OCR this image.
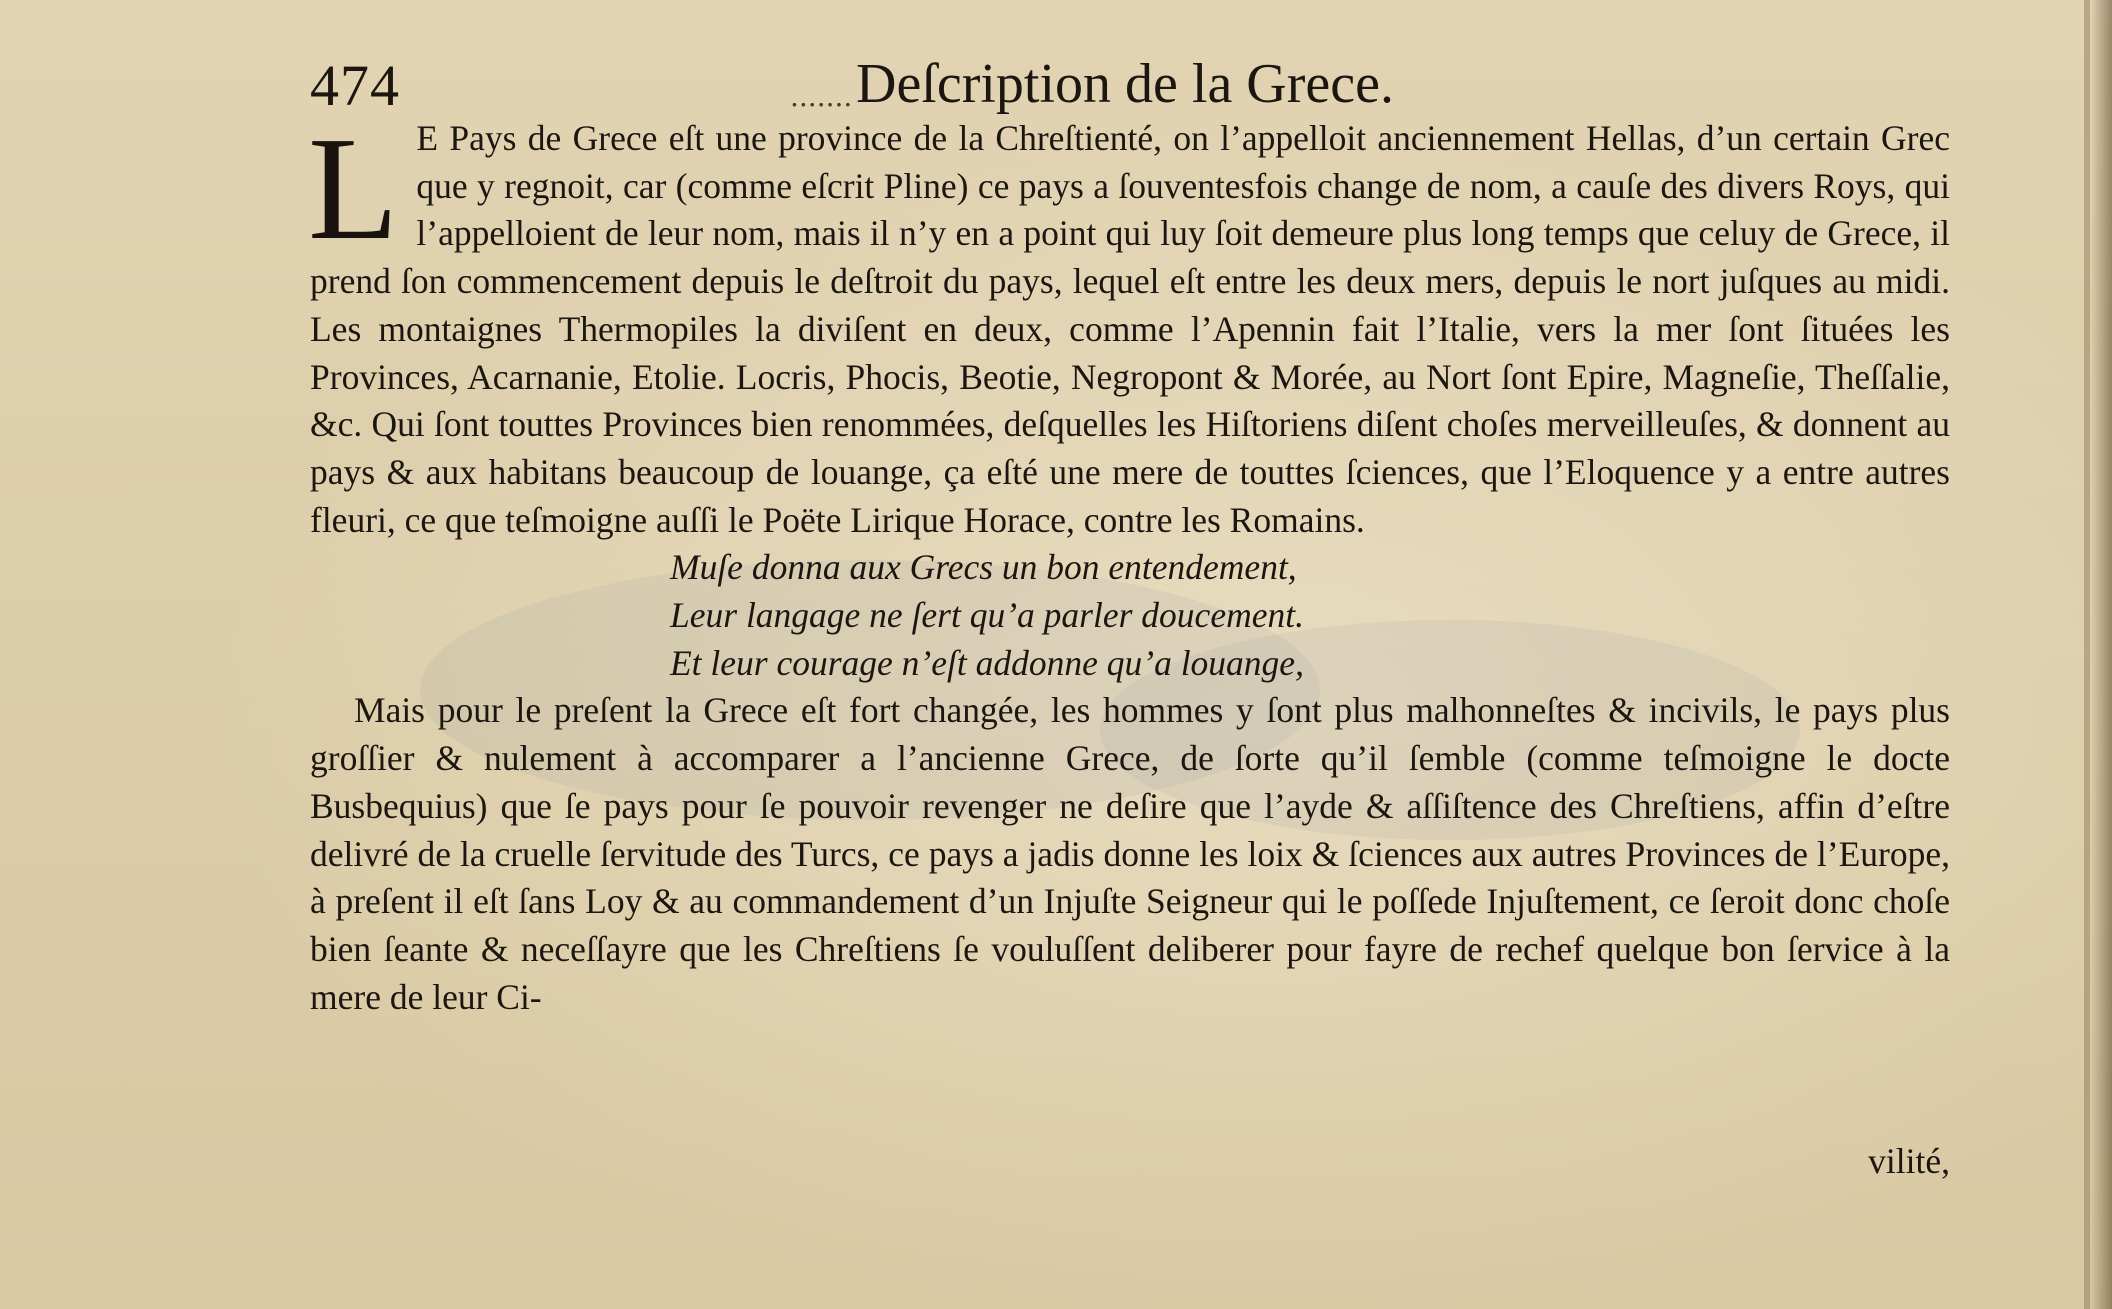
474	....... ·
Deſcription de la Grece.
L E Pays de Grece eſt une province de la Chreſtienté, on l’appelloit anciennement Hellas, d’un certain Grec que y regnoit, car (comme eſcrit Pline) ce pays a ſouventesfois change de nom, a cauſe des divers Roys, qui l’appelloient de leur nom, mais il n’y en a point qui luy ſoit demeure plus long temps que celuy de Grece, il prend ſon commencement depuis le deſtroit du pays, lequel eſt entre les deux mers, depuis le nort juſques au midi. Les montaignes Thermopiles la diviſent en deux, comme l’Apennin fait l’Italie, vers la mer ſont ſituées les Provinces, Acarnanie, Etolie. Locris, Phocis, Beotie, Negropont & Morée, au Nort ſont Epire, Magneſie, Theſſalie, &c. Qui ſont touttes Provinces bien renommées, deſquelles les Hiſtoriens diſent choſes merveilleuſes, & donnent au pays & aux habitans beaucoup de louange, ça eſté une mere de touttes ſciences, que l’Eloquence y a entre autres fleuri, ce que teſmoigne auſſi le Poëte Lirique Horace, contre les Romains.

Muſe donna aux Grecs un bon entendement,
Leur langage ne ſert qu’a parler doucement.
Et leur courage n’eſt addonne qu’a louange,

Mais pour le preſent la Grece eſt fort changée, les hommes y ſont plus malhonneſtes & incivils, le pays plus groſſier & nulement à accomparer a l’ancienne Grece, de ſorte qu’il ſemble (comme teſmoigne le docte Busbequius) que ſe pays pour ſe pouvoir revenger ne deſire que l’ayde & aſſiſtence des Chreſtiens, affin d’eſtre delivré de la cruelle ſervitude des Turcs, ce pays a jadis donne les loix & ſciences aux autres Provinces de l’Europe, à preſent il eſt ſans Loy & au commandement d’un Injuſte Seigneur qui le poſſede Injuſtement, ce ſeroit donc choſe bien ſeante & neceſſayre que les Chreſtiens ſe vouluſſent deliberer pour fayre de rechef quelque bon ſervice à la mere de leur Ci-

vilité,
